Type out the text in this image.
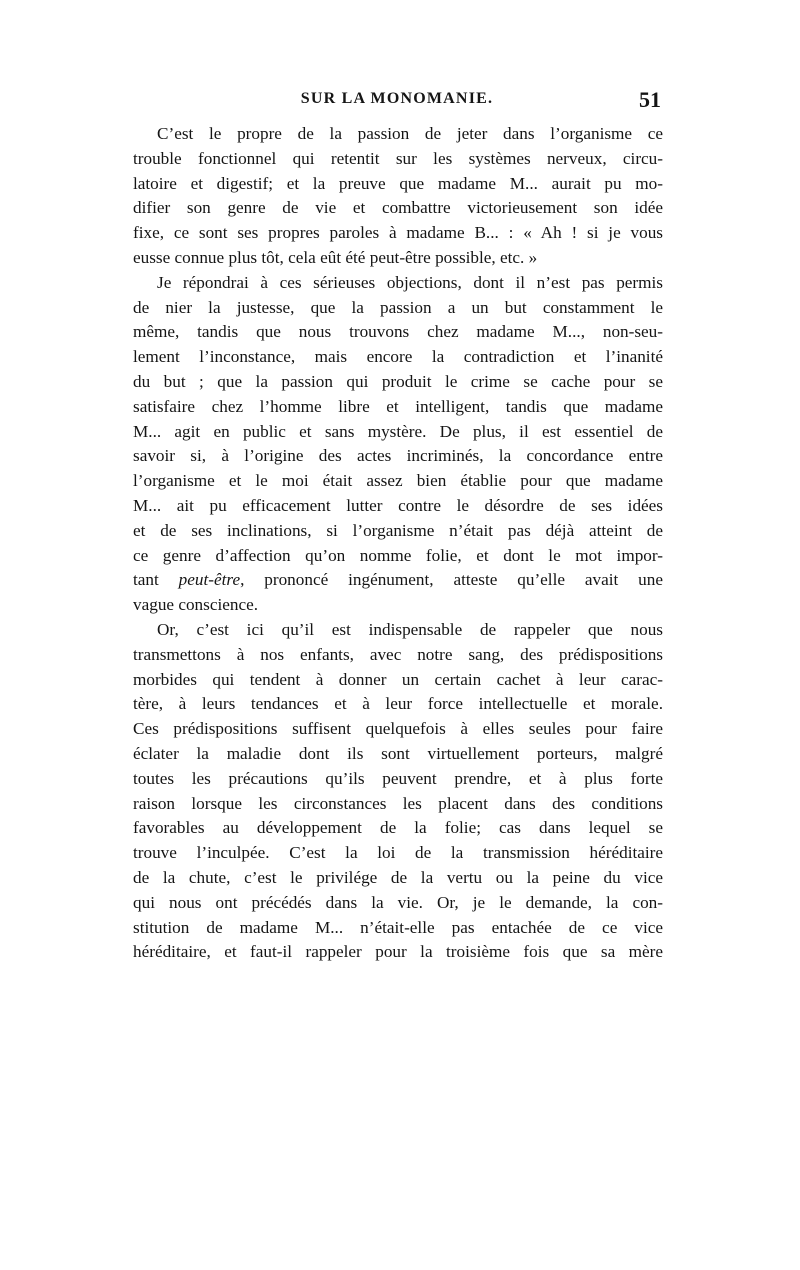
SUR LA MONOMANIE.	51

C’est le propre de la passion de jeter dans l’organisme ce
trouble fonctionnel qui retentit sur les systèmes nerveux, circu-
latoire et digestif; et la preuve que madame M... aurait pu mo-
difier son genre de vie et combattre victorieusement son idée
fixe, ce sont ses propres paroles à madame B... : « Ah ! si je vous
eusse connue plus tôt, cela eût été peut-être possible, etc. »

Je répondrai à ces sérieuses objections, dont il n’est pas permis
de nier la justesse, que la passion a un but constamment le
même, tandis que nous trouvons chez madame M..., non-seu-
lement l’inconstance, mais encore la contradiction et l’inanité
du but ; que la passion qui produit le crime se cache pour se
satisfaire chez l’homme libre et intelligent, tandis que madame
M... agit en public et sans mystère. De plus, il est essentiel de
savoir si, à l’origine des actes incriminés, la concordance entre
l’organisme et le moi était assez bien établie pour que madame
M... ait pu efficacement lutter contre le désordre de ses idées
et de ses inclinations, si l’organisme n’était pas déjà atteint de
ce genre d’affection qu’on nomme folie, et dont le mot impor-
tant peut-être, prononcé ingénument, atteste qu’elle avait une
vague conscience.

Or, c’est ici qu’il est indispensable de rappeler que nous
transmettons à nos enfants, avec notre sang, des prédispositions
morbides qui tendent à donner un certain cachet à leur carac-
tère, à leurs tendances et à leur force intellectuelle et morale.
Ces prédispositions suffisent quelquefois à elles seules pour faire
éclater la maladie dont ils sont virtuellement porteurs, malgré
toutes les précautions qu’ils peuvent prendre, et à plus forte
raison lorsque les circonstances les placent dans des conditions
favorables au développement de la folie; cas dans lequel se
trouve l’inculpée. C’est la loi de la transmission héréditaire
de la chute, c’est le privilége de la vertu ou la peine du vice
qui nous ont précédés dans la vie. Or, je le demande, la con-
stitution de madame M... n’était-elle pas entachée de ce vice
héréditaire, et faut-il rappeler pour la troisième fois que sa mère
